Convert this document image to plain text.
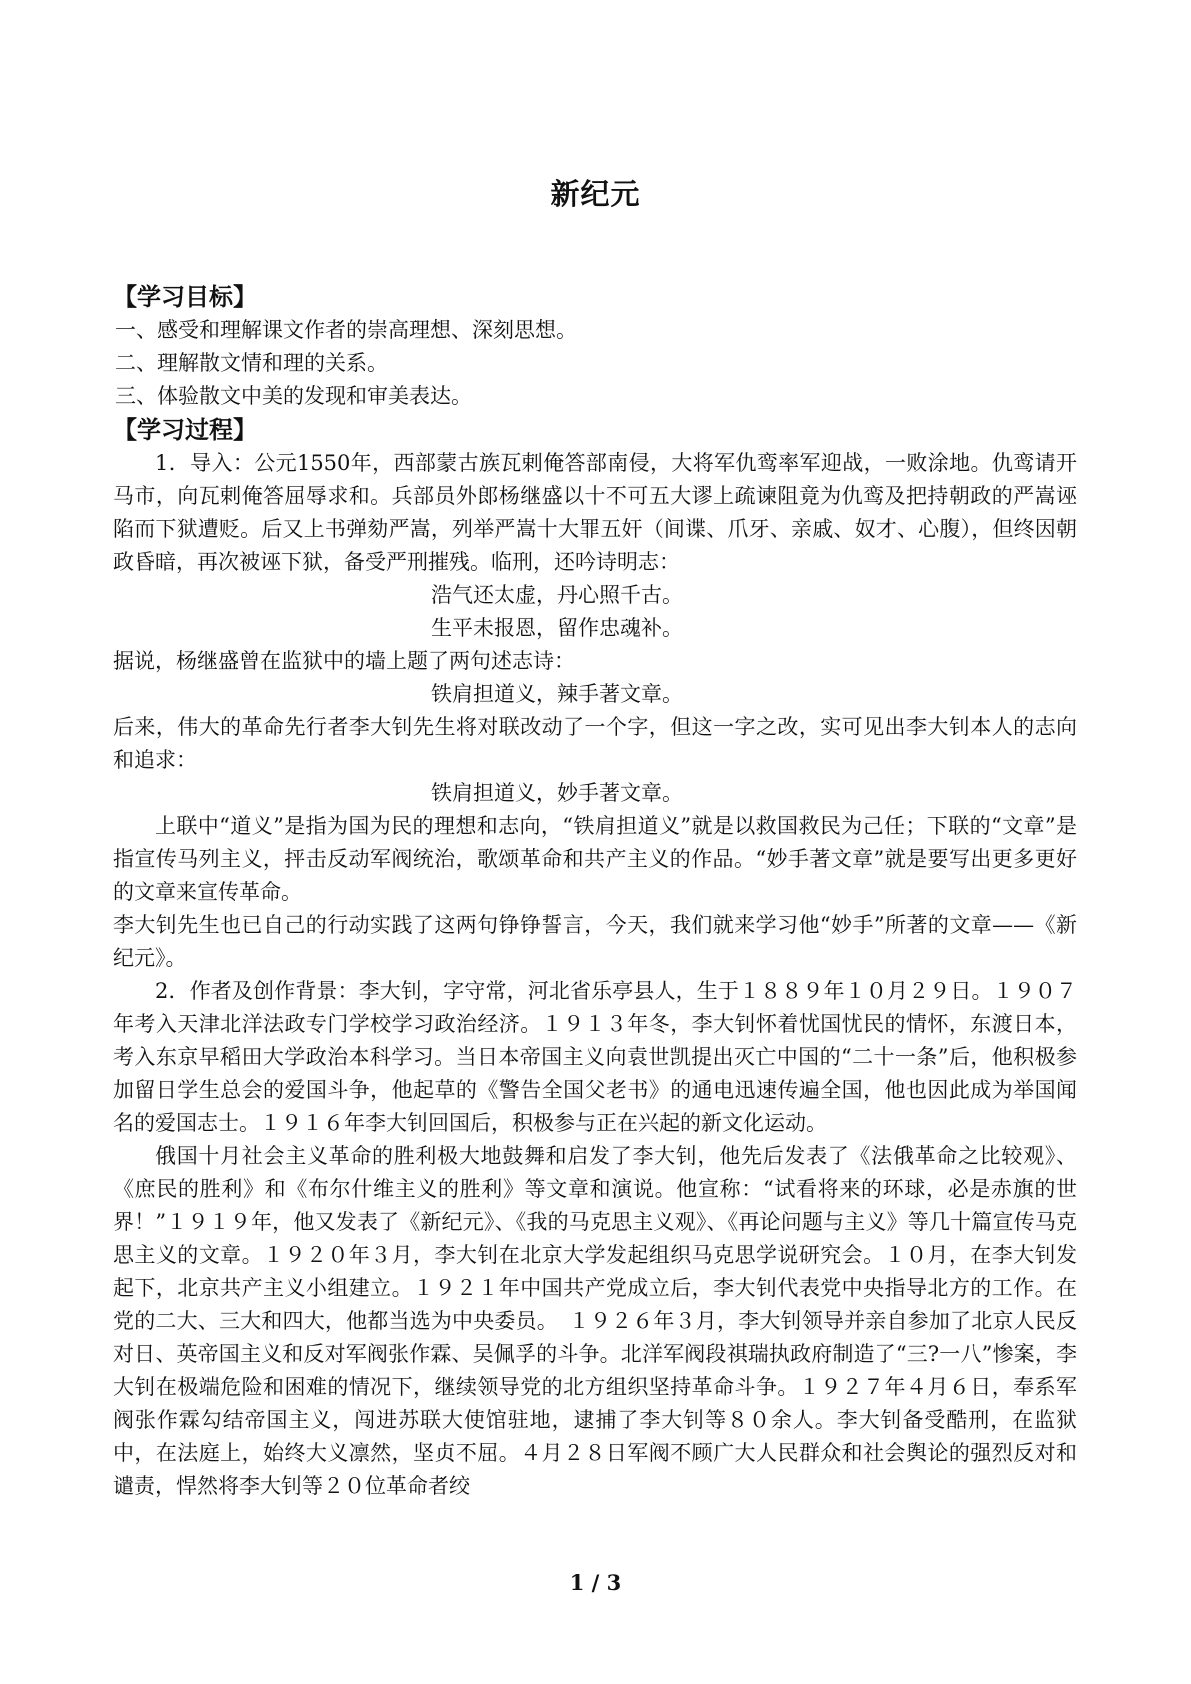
新纪元
【学习目标】

一、感受和理解课文作者的崇高理想、深刻思想。

二、理解散文情和理的关系。

三、体验散文中美的发现和审美表达。

【学习过程】

1．导入：公元1550年，西部蒙古族瓦剌俺答部南侵，大将军仇鸾率军迎战，一败涂地。仇鸾请开马市，向瓦剌俺答屈辱求和。兵部员外郎杨继盛以十不可五大谬上疏谏阻竟为仇鸾及把持朝政的严嵩诬陷而下狱遭贬。后又上书弹劾严嵩，列举严嵩十大罪五奸（间谍、爪牙、亲戚、奴才、心腹），但终因朝政昏暗，再次被诬下狱，备受严刑摧残。临刑，还吟诗明志：

浩气还太虚，丹心照千古。

生平未报恩，留作忠魂补。

据说，杨继盛曾在监狱中的墙上题了两句述志诗：

铁肩担道义，辣手著文章。

后来，伟大的革命先行者李大钊先生将对联改动了一个字，但这一字之改，实可见出李大钊本人的志向和追求：

铁肩担道义，妙手著文章。

上联中“道义”是指为国为民的理想和志向，“铁肩担道义”就是以救国救民为己任；下联的“文章”是指宣传马列主义，抨击反动军阀统治，歌颂革命和共产主义的作品。“妙手著文章”就是要写出更多更好的文章来宣传革命。

李大钊先生也已自己的行动实践了这两句铮铮誓言，今天，我们就来学习他“妙手”所著的文章——《新纪元》。

2．作者及创作背景：李大钊，字守常，河北省乐亭县人，生于１８８９年１０月２９日。１９０７年考入天津北洋法政专门学校学习政治经济。１９１３年冬，李大钊怀着忧国忧民的情怀，东渡日本，考入东京早稻田大学政治本科学习。当日本帝国主义向袁世凯提出灭亡中国的“二十一条”后，他积极参加留日学生总会的爱国斗争，他起草的《警告全国父老书》的通电迅速传遍全国，他也因此成为举国闻名的爱国志士。１９１６年李大钊回国后，积极参与正在兴起的新文化运动。

俄国十月社会主义革命的胜利极大地鼓舞和启发了李大钊，他先后发表了《法俄革命之比较观》、《庶民的胜利》和《布尔什维主义的胜利》等文章和演说。他宣称：“试看将来的环球，必是赤旗的世界！”１９１９年，他又发表了《新纪元》、《我的马克思主义观》、《再论问题与主义》等几十篇宣传马克思主义的文章。１９２０年３月，李大钊在北京大学发起组织马克思学说研究会。１０月，在李大钊发起下，北京共产主义小组建立。１９２１年中国共产党成立后，李大钊代表党中央指导北方的工作。在党的二大、三大和四大，他都当选为中央委员。　１９２６年３月，李大钊领导并亲自参加了北京人民反对日、英帝国主义和反对军阀张作霖、吴佩孚的斗争。北洋军阀段祺瑞执政府制造了“三?一八”惨案，李大钊在极端危险和困难的情况下，继续领导党的北方组织坚持革命斗争。１９２７年４月６日，奉系军阀张作霖勾结帝国主义，闯进苏联大使馆驻地，逮捕了李大钊等８０余人。李大钊备受酷刑，在监狱中，在法庭上，始终大义凛然，坚贞不屈。４月２８日军阀不顾广大人民群众和社会舆论的强烈反对和谴责，悍然将李大钊等２０位革命者绞

1 / 3
